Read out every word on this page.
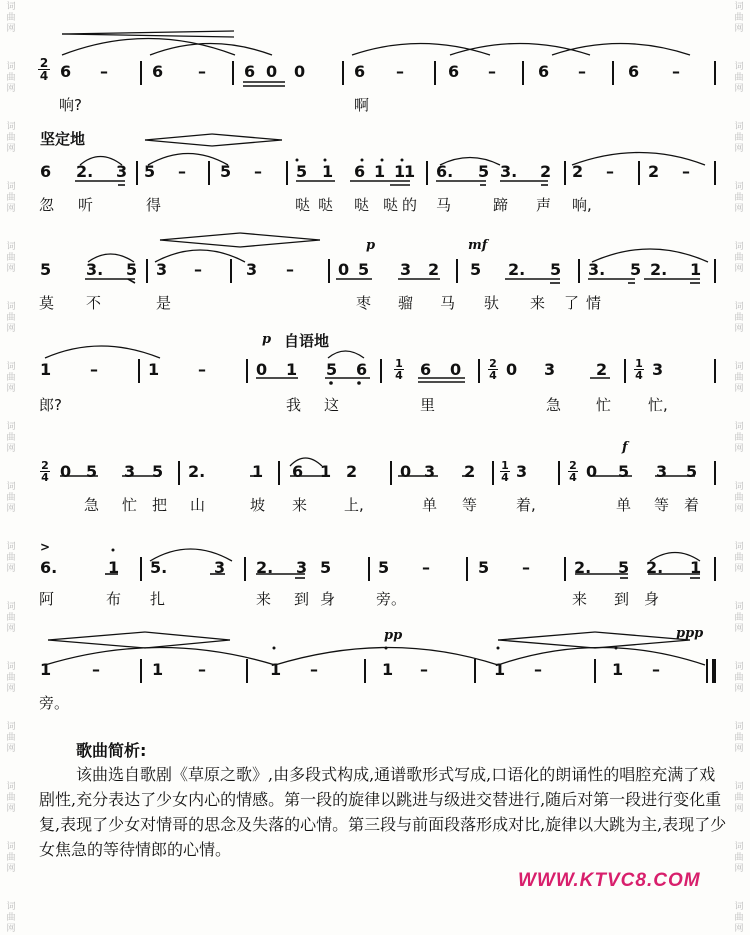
词
曲
网
词
曲
网
词
曲
网
词
曲
网
词
曲
网
词
曲
网
词
曲
网
词
曲
网
词
曲
网
词
曲
网
词
曲
网
词
曲
网
词
曲
网
词
曲
网
词
曲
网
词
曲
网
词
曲
网
词
曲
网
词
曲
网
词
曲
网
词
曲
网
词
曲
网
词
曲
网
词
曲
网
词
曲
网
词
曲
网
词
曲
网
词
曲
网
词
曲
网
词
曲
网
词
曲
网
词
曲
网
2
4 6 –	6 – 6 0 0	6 –	6 –	6 –	6 –
响?	啊
坚定地
6 2. 3 5 – 5 – 5 1 6 1 1
1 6. 5 3. 2 2 – 2 –
忽 听	得	哒 哒 哒 哒 的 马	蹄 声 响,
p	mf
5 3. 5 3 –	3 –	0 5 3 2 5 2. 5 3. 5 2. 1
莫 不	是	枣 骝 马 驮 来 了 情
p 自语地
1 –	1 –	0 1 5 6	1
4 6 0	2
4 0 3	2	1
4 3
郎?	我 这	里	急 忙 忙,
f
2
4 0 5 3 5 2.	1 6 1 2	0 3 2 1
4 3	2
4 0 5 3 5
急 忙 把 山	坡 来 上,	单 等	着,	单 等 着
>
6.	1 5.	3 2. 3 5	5 –	5 –	2. 5 2. 1
阿	布 扎	来 到 身	旁。	来 到 身
pp	ppp
1	–	1 –	1 –	1 –	1 –	1 –
旁。
歌曲简析:
该曲选自歌剧《草原之歌》,由多段式构成,通谱歌形式写成,口语化的朗诵性的唱腔充满了戏剧性,充分表达了少女内心的情感。第一段的旋律以跳进与级进交替进行,随后对第一段进行变化重复,表现了少女对情哥的思念及失落的心情。第三段与前面段落形成对比,旋律以大跳为主,表现了少女焦急的等待情郎的心情。
WWW.KTVC8.COM
